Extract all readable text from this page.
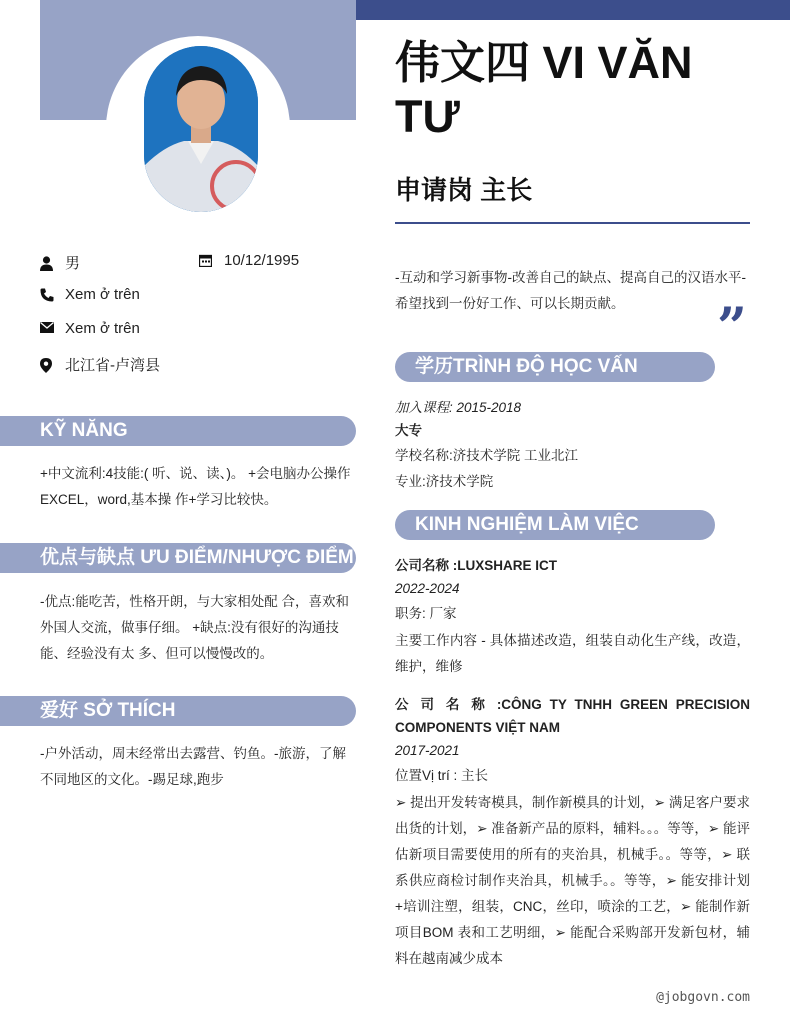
伟文四 VI VĂN TƯ
申请岗 主长
男	10/12/1995
Xem ở trên
Xem ở trên
北江省-卢湾县
KỸ NĂNG
+中文流利:4技能:( 听、说、读、)。 +会电脑办公操作 EXCEL，word,基本操 作+学习比较快。
优点与缺点 ƯU ĐIỂM/NHƯỢC ĐIỂM
-优点:能吃苦，性格开朗，与大家相处配 合，喜欢和外国人交流，做事仔细。 +缺点:没有很好的沟通技能、经验没有太 多、但可以慢慢改的。
爱好 SỞ THÍCH
-户外活动，周末经常出去露营、钓鱼。-旅游，了解不同地区的文化。-踢足球,跑步
-互动和学习新事物-改善自己的缺点、提高自己的汉语水平-希望找到一份好工作、可以长期贡献。	”
学历TRÌNH ĐỘ HỌC VẤN
加入课程: 2015-2018
大专
学校名称:济技术学院 工业北江
专业:济技术学院
KINH NGHIỆM LÀM VIỆC
公司名称 :LUXSHARE ICT
2022-2024
职务: 厂家
主要工作内容 - 具体描述改造，组装自动化生产线，改造，维护，维修
公 司 名 称 :CÔNG TY TNHH GREEN PRECISION COMPONENTS VIỆT NAM
2017-2021
位置Vị trí : 主长
➢ 提出开发转寄模具，制作新模具的计划，➢ 满足客户要求出货的计划，➢ 准备新产品的原料，辅料。。。等等，➢ 能评估新项目需要使用的所有的夹治具，机械手。。等等，➢ 联系供应商检讨制作夹治具，机械手。。等等，➢ 能安排计划+培训注塑，组装，CNC，丝印，喷涂的工艺，➢ 能制作新项目BOM 表和工艺明细，➢ 能配合采购部开发新包材，辅料在越南减少成本
@jobgovn.com
